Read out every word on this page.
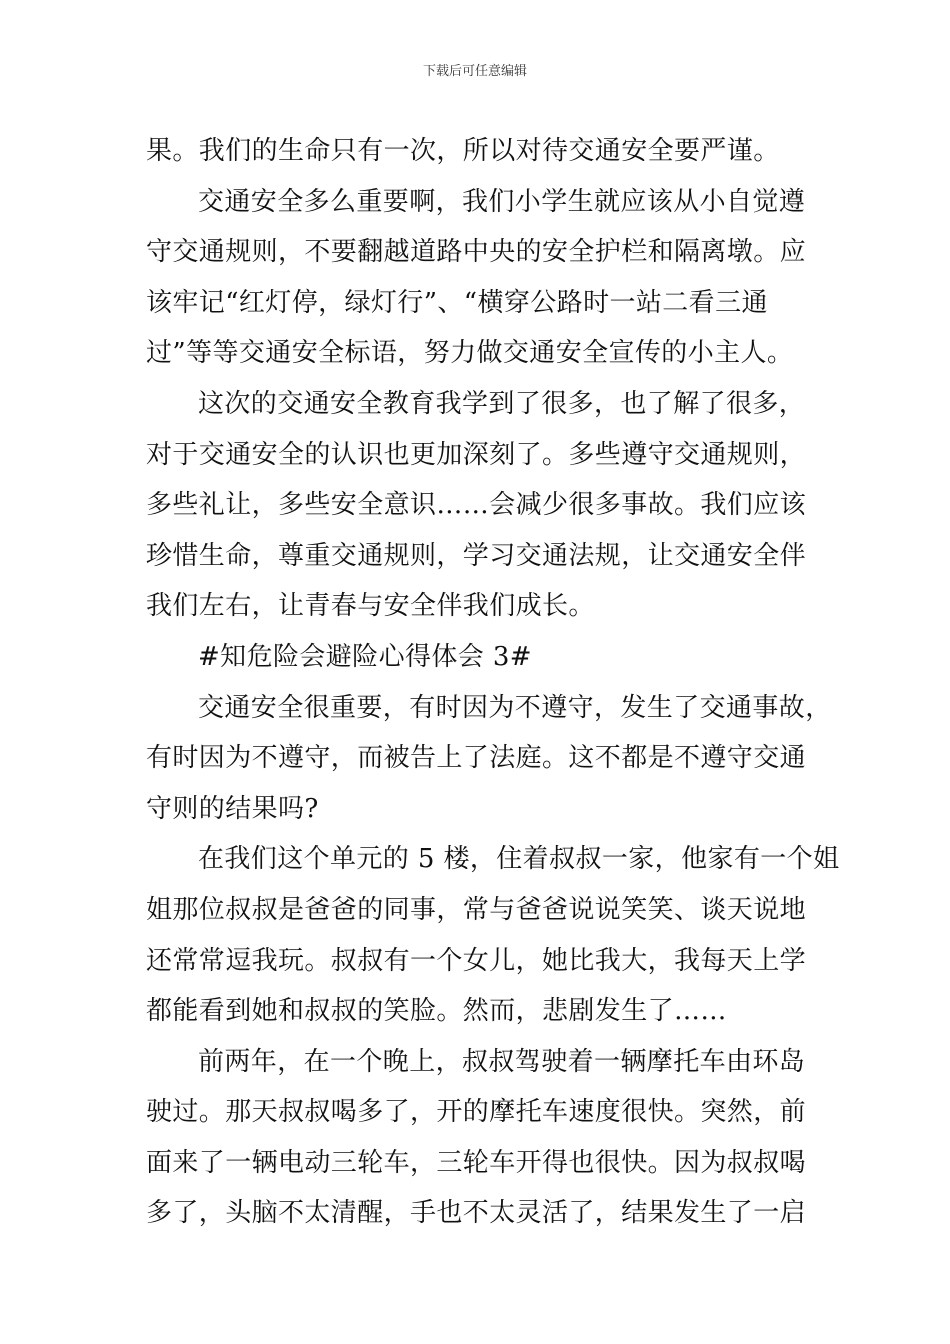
下载后可任意编辑
果。我们的生命只有一次，所以对待交通安全要严谨。
交通安全多么重要啊，我们小学生就应该从小自觉遵
守交通规则，不要翻越道路中央的安全护栏和隔离墩。应
该牢记“红灯停，绿灯行”、“横穿公路时一站二看三通
过”等等交通安全标语，努力做交通安全宣传的小主人。
这次的交通安全教育我学到了很多，也了解了很多，
对于交通安全的认识也更加深刻了。多些遵守交通规则，
多些礼让，多些安全意识……会减少很多事故。我们应该
珍惜生命，尊重交通规则，学习交通法规，让交通安全伴
我们左右，让青春与安全伴我们成长。
#知危险会避险心得体会 3#
交通安全很重要，有时因为不遵守，发生了交通事故，
有时因为不遵守，而被告上了法庭。这不都是不遵守交通
守则的结果吗?
在我们这个单元的 5 楼，住着叔叔一家，他家有一个姐
姐那位叔叔是爸爸的同事，常与爸爸说说笑笑、谈天说地
还常常逗我玩。叔叔有一个女儿，她比我大，我每天上学
都能看到她和叔叔的笑脸。然而，悲剧发生了……
前两年，在一个晚上，叔叔驾驶着一辆摩托车由环岛
驶过。那天叔叔喝多了，开的摩托车速度很快。突然，前
面来了一辆电动三轮车，三轮车开得也很快。因为叔叔喝
多了，头脑不太清醒，手也不太灵活了，结果发生了一启
